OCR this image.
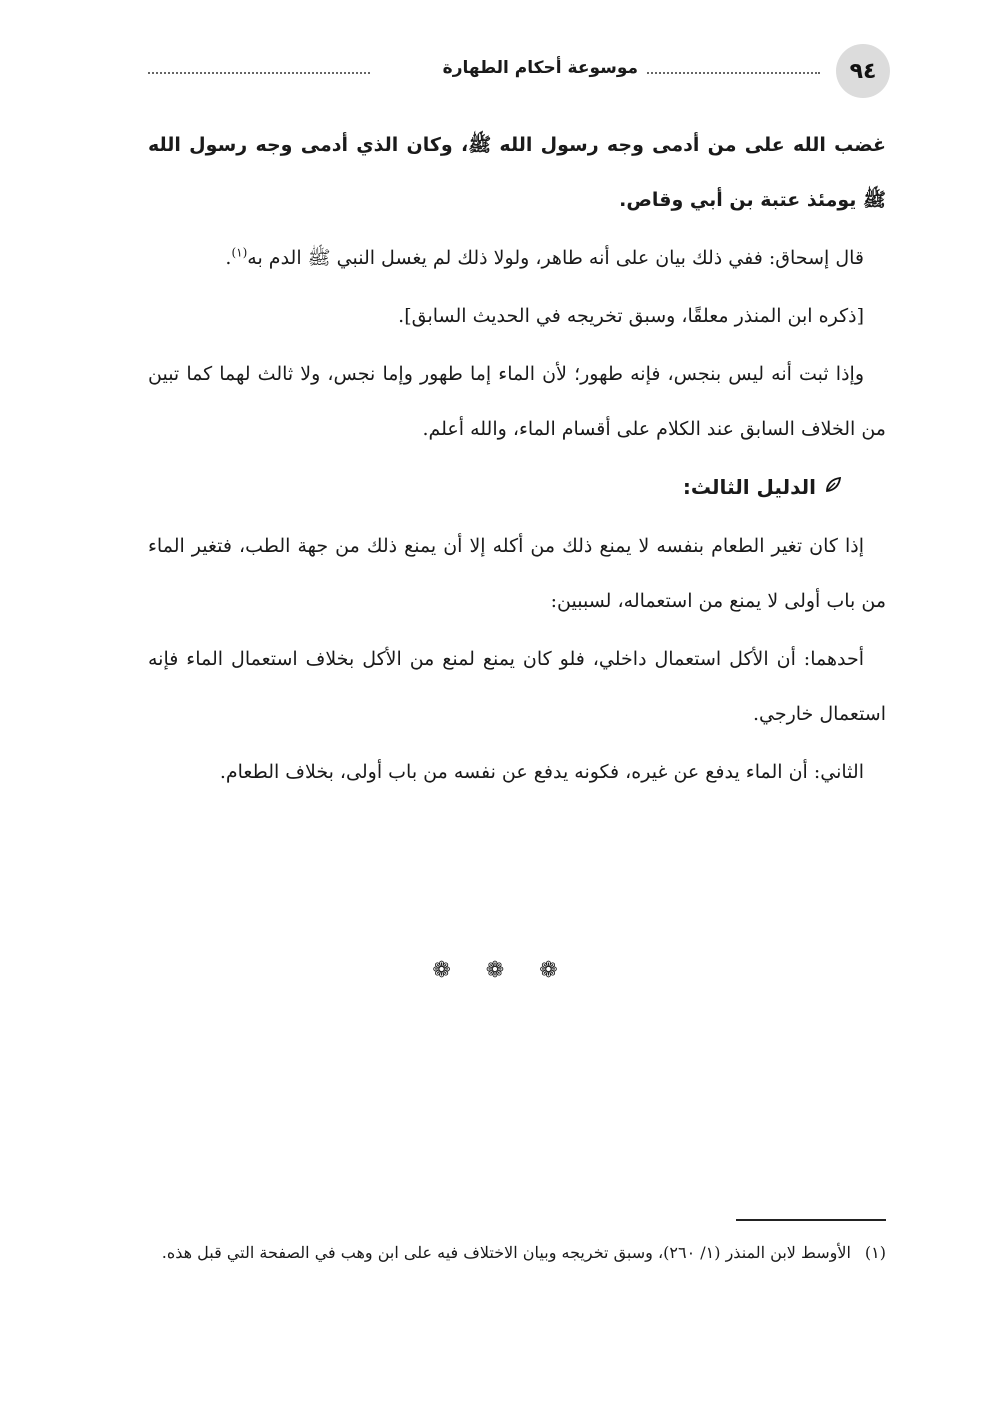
٩٤
موسوعة أحكام الطهارة

غضب الله على من أدمى وجه رسول الله ﷺ، وكان الذي أدمى وجه رسول الله ﷺ يومئذ عتبة بن أبي وقاص.

قال إسحاق: ففي ذلك بيان على أنه طاهر، ولولا ذلك لم يغسل النبي ﷺ الدم به$^{(١)}$.

[ذكره ابن المنذر معلقًا، وسبق تخريجه في الحديث السابق].

وإذا ثبت أنه ليس بنجس، فإنه طهور؛ لأن الماء إما طهور وإما نجس، ولا ثالث لهما كما تبين من الخلاف السابق عند الكلام على أقسام الماء، والله أعلم.

الدليل الثالث:

إذا كان تغير الطعام بنفسه لا يمنع ذلك من أكله إلا أن يمنع ذلك من جهة الطب، فتغير الماء من باب أولى لا يمنع من استعماله، لسببين:

أحدهما: أن الأكل استعمال داخلي، فلو كان يمنع لمنع من الأكل بخلاف استعمال الماء فإنه استعمال خارجي.

الثاني: أن الماء يدفع عن غيره، فكونه يدفع عن نفسه من باب أولى، بخلاف الطعام.

❁ ❁ ❁
(١)الأوسط لابن المنذر (١/ ٢٦٠)، وسبق تخريجه وبيان الاختلاف فيه على ابن وهب في الصفحة التي قبل هذه.
